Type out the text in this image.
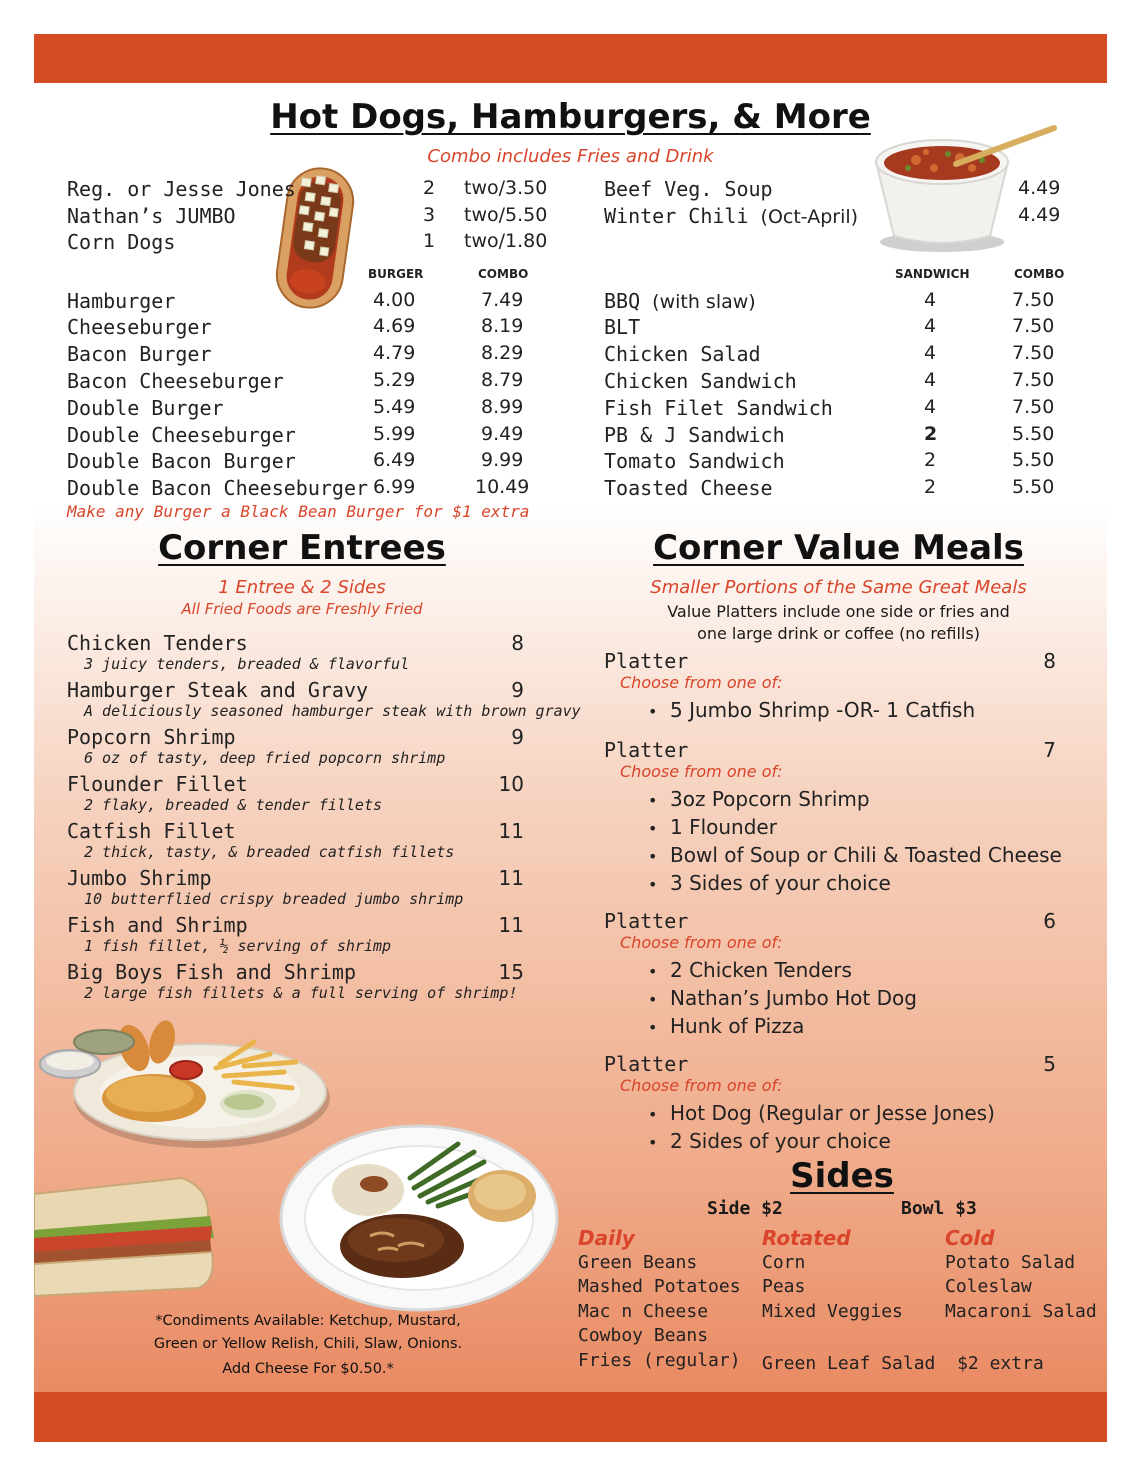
Hot Dogs, Hamburgers, & More
Combo includes Fries and Drink
Reg. or Jesse Jones	2 two/3.50
Nathan’s JUMBO	3 two/5.50
Corn Dogs	1 two/1.80
Beef Veg. Soup	4.49
Winter Chili (Oct-April)	4.49
BURGER	COMBO	SANDWICH	COMBO
Hamburger	4.00	7.49
Cheeseburger	4.69	8.19
Bacon Burger	4.79	8.29
Bacon Cheeseburger	5.29	8.79
Double Burger	5.49	8.99
Double Cheeseburger	5.99	9.49
Double Bacon Burger	6.49	9.99
Double Bacon Cheeseburger 6.99	10.49
Make any Burger a Black Bean Burger for $1 extra
BBQ (with slaw)	4	7.50
BLT	4	7.50
Chicken Salad	4	7.50
Chicken Sandwich	4	7.50
Fish Filet Sandwich	4	7.50
PB & J Sandwich	2	5.50
Tomato Sandwich	2	5.50
Toasted Cheese	2	5.50
Corner Entrees
1 Entree & 2 Sides
All Fried Foods are Freshly Fried
Chicken Tenders
3 juicy tenders, breaded & flavorful
8
Hamburger Steak and Gravy
A deliciously seasoned hamburger steak with brown gravy
9
Popcorn Shrimp
6 oz of tasty, deep fried popcorn shrimp
9
Flounder Fillet
2 flaky, breaded & tender fillets
10
Catfish Fillet
2 thick, tasty, & breaded catfish fillets
11
Jumbo Shrimp
10 butterflied crispy breaded jumbo shrimp
11
Fish and Shrimp
1 fish fillet, ½ serving of shrimp
11
Big Boys Fish and Shrimp
2 large fish fillets & a full serving of shrimp!
15
*Condiments Available: Ketchup, Mustard,
Green or Yellow Relish, Chili, Slaw, Onions.
Add Cheese For $0.50.*
Corner Value Meals
Smaller Portions of the Same Great Meals
Value Platters include one side or fries and
one large drink or coffee (no refills)
Platter	8
Choose from one of:
• 5 Jumbo Shrimp -OR- 1 Catfish
Platter	7
Choose from one of:
• 3oz Popcorn Shrimp
• 1 Flounder
• Bowl of Soup or Chili & Toasted Cheese
• 3 Sides of your choice
Platter	6
Choose from one of:
• 2 Chicken Tenders
• Nathan’s Jumbo Hot Dog
• Hunk of Pizza
Platter	5
Choose from one of:
• Hot Dog (Regular or Jesse Jones)
• 2 Sides of your choice
Sides
Side $2	Bowl $3
Daily
Green Beans
Mashed Potatoes
Mac n Cheese
Cowboy Beans
Fries (regular)
Rotated
Corn
Peas
Mixed Veggies
Cold
Potato Salad
Coleslaw
Macaroni Salad
Green Leaf Salad  $2 extra
